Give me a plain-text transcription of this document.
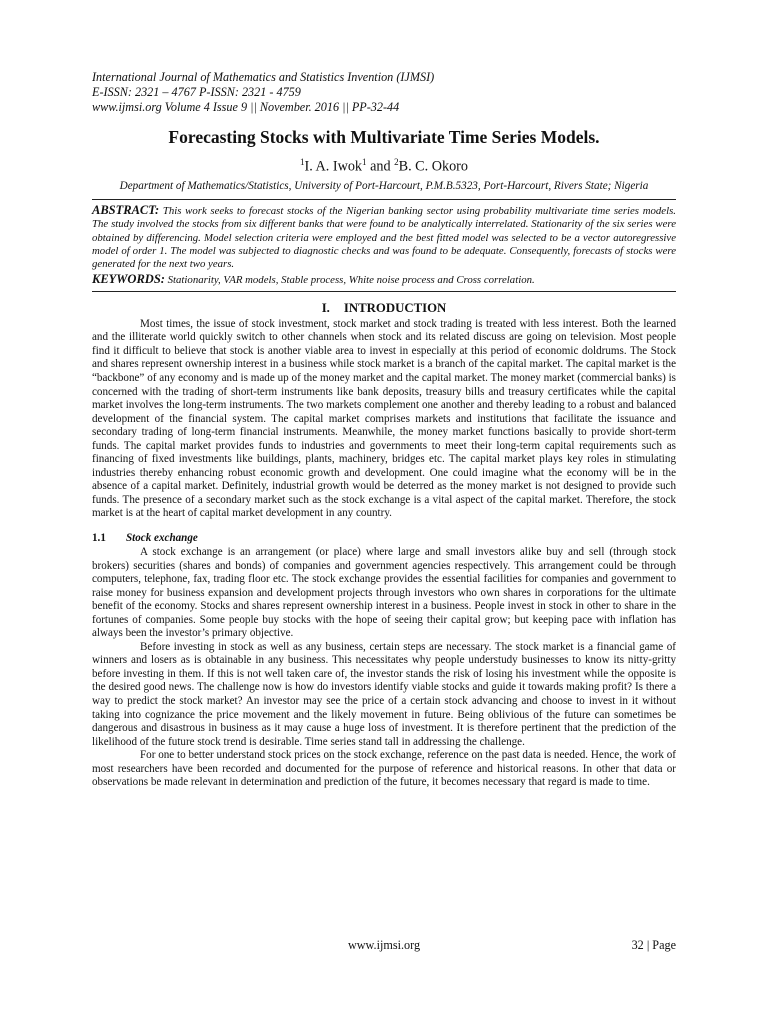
International Journal of Mathematics and Statistics Invention (IJMSI)

E-ISSN: 2321 – 4767 P-ISSN: 2321 - 4759

www.ijmsi.org Volume 4 Issue 9 || November. 2016 || PP-32-44

Forecasting Stocks with Multivariate Time Series Models.

$^1$I. A. Iwok$^1$ and $^2$B. C. Okoro

Department of Mathematics/Statistics, University of Port-Harcourt, P.M.B.5323, Port-Harcourt, Rivers State; Nigeria

ABSTRACT: This work seeks to forecast stocks of the Nigerian banking sector using probability multivariate time series models. The study involved the stocks from six different banks that were found to be analytically interrelated. Stationarity of the six series were obtained by differencing. Model selection criteria were employed and the best fitted model was selected to be a vector autoregressive model of order 1. The model was subjected to diagnostic checks and was found to be adequate. Consequently, forecasts of stocks were generated for the next two years.

KEYWORDS: Stationarity, VAR models, Stable process, White noise process and Cross correlation.

I. INTRODUCTION

Most times, the issue of stock investment, stock market and stock trading is treated with less interest. Both the learned and the illiterate world quickly switch to other channels when stock and its related discuss are going on television. Most people find it difficult to believe that stock is another viable area to invest in especially at this period of economic doldrums. The Stock and shares represent ownership interest in a business while stock market is a branch of the capital market. The capital market is the “backbone” of any economy and is made up of the money market and the capital market. The money market (commercial banks) is concerned with the trading of short-term instruments like bank deposits, treasury bills and treasury certificates while the capital market involves the long-term instruments. The two markets complement one another and thereby leading to a robust and balanced development of the financial system. The capital market comprises markets and institutions that facilitate the issuance and secondary trading of long-term financial instruments. Meanwhile, the money market functions basically to provide short-term funds. The capital market provides funds to industries and governments to meet their long-term capital requirements such as financing of fixed investments like buildings, plants, machinery, bridges etc. The capital market plays key roles in stimulating industries thereby enhancing robust economic growth and development. One could imagine what the economy will be in the absence of a capital market. Definitely, industrial growth would be deterred as the money market is not designed to provide such funds. The presence of a secondary market such as the stock exchange is a vital aspect of the capital market. Therefore, the stock market is at the heart of capital market development in any country.

1.1 Stock exchange

A stock exchange is an arrangement (or place) where large and small investors alike buy and sell (through stock brokers) securities (shares and bonds) of companies and government agencies respectively. This arrangement could be through computers, telephone, fax, trading floor etc. The stock exchange provides the essential facilities for companies and government to raise money for business expansion and development projects through investors who own shares in corporations for the ultimate benefit of the economy. Stocks and shares represent ownership interest in a business. People invest in stock in other to share in the fortunes of companies. Some people buy stocks with the hope of seeing their capital grow; but keeping pace with inflation has always been the investor’s primary objective.

Before investing in stock as well as any business, certain steps are necessary. The stock market is a financial game of winners and losers as is obtainable in any business. This necessitates why people understudy businesses to know its nitty-gritty before investing in them. If this is not well taken care of, the investor stands the risk of losing his investment while the opposite is the desired good news. The challenge now is how do investors identify viable stocks and guide it towards making profit? Is there a way to predict the stock market? An investor may see the price of a certain stock advancing and choose to invest in it without taking into cognizance the price movement and the likely movement in future. Being oblivious of the future can sometimes be dangerous and disastrous in business as it may cause a huge loss of investment. It is therefore pertinent that the prediction of the likelihood of the future stock trend is desirable. Time series stand tall in addressing the challenge.

For one to better understand stock prices on the stock exchange, reference on the past data is needed. Hence, the work of most researchers have been recorded and documented for the purpose of reference and historical reasons. In other that data or observations be made relevant in determination and prediction of the future, it becomes necessary that regard is made to time.

www.ijmsi.org	32 | Page
